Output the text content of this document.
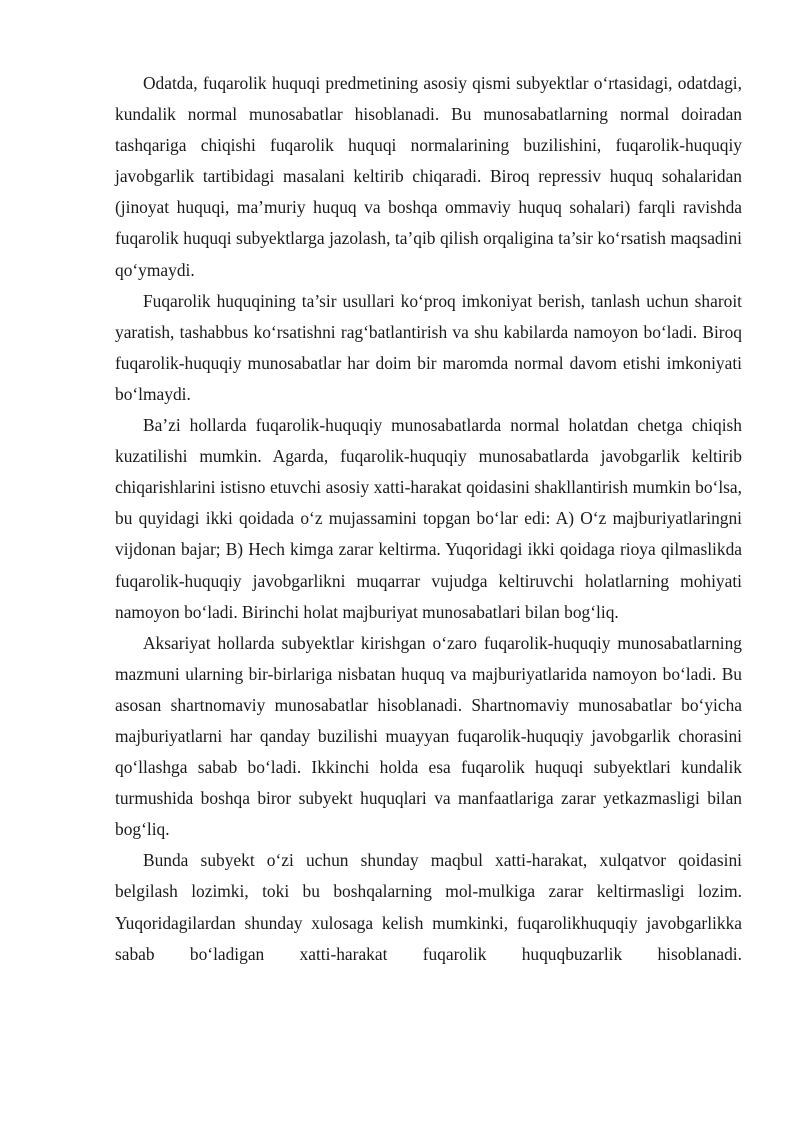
Odatda, fuqarolik huquqi predmetining asosiy qismi subyektlar o‘rtasidagi, odatdagi, kundalik normal munosabatlar hisoblanadi. Bu munosabatlarning normal doiradan tashqariga chiqishi fuqarolik huquqi normalarining buzilishini, fuqarolik-huquqiy javobgarlik tartibidagi masalani keltirib chiqaradi. Biroq repressiv huquq sohalaridan (jinoyat huquqi, ma’muriy huquq va boshqa ommaviy huquq sohalari) farqli ravishda fuqarolik huquqi subyektlarga jazolash, ta’qib qilish orqaligina ta’sir ko‘rsatish maqsadini qo‘ymaydi.

Fuqarolik huquqining ta’sir usullari ko‘proq imkoniyat berish, tanlash uchun sharoit yaratish, tashabbus ko‘rsatishni rag‘batlantirish va shu kabilarda namoyon bo‘ladi. Biroq fuqarolik-huquqiy munosabatlar har doim bir maromda normal davom etishi imkoniyati bo‘lmaydi.

Ba’zi hollarda fuqarolik-huquqiy munosabatlarda normal holatdan chetga chiqish kuzatilishi mumkin. Agarda, fuqarolik-huquqiy munosabatlarda javobgarlik keltirib chiqarishlarini istisno etuvchi asosiy xatti-harakat qoidasini shakllantirish mumkin bo‘lsa, bu quyidagi ikki qoidada o‘z mujassamini topgan bo‘lar edi: A) O‘z majburiyatlaringni vijdonan bajar; B) Hech kimga zarar keltirma. Yuqoridagi ikki qoidaga rioya qilmaslikda fuqarolik-huquqiy javobgarlikni muqarrar vujudga keltiruvchi holatlarning mohiyati namoyon bo‘ladi. Birinchi holat majburiyat munosabatlari bilan bog‘liq.

Aksariyat hollarda subyektlar kirishgan o‘zaro fuqarolik-huquqiy munosabatlarning mazmuni ularning bir-birlariga nisbatan huquq va majburiyatlarida namoyon bo‘ladi. Bu asosan shartnomaviy munosabatlar hisoblanadi. Shartnomaviy munosabatlar bo‘yicha majburiyatlarni har qanday buzilishi muayyan fuqarolik-huquqiy javobgarlik chorasini qo‘llashga sabab bo‘ladi. Ikkinchi holda esa fuqarolik huquqi subyektlari kundalik turmushida boshqa biror subyekt huquqlari va manfaatlariga zarar yetkazmasligi bilan bog‘liq.

Bunda subyekt o‘zi uchun shunday maqbul xatti-harakat, xulqatvor qoidasini belgilash lozimki, toki bu boshqalarning mol-mulkiga zarar keltirmasligi lozim. Yuqoridagilardan shunday xulosaga kelish mumkinki, fuqarolikhuquqiy javobgarlikka sabab bo‘ladigan xatti-harakat fuqarolik huquqbuzarlik hisoblanadi.
